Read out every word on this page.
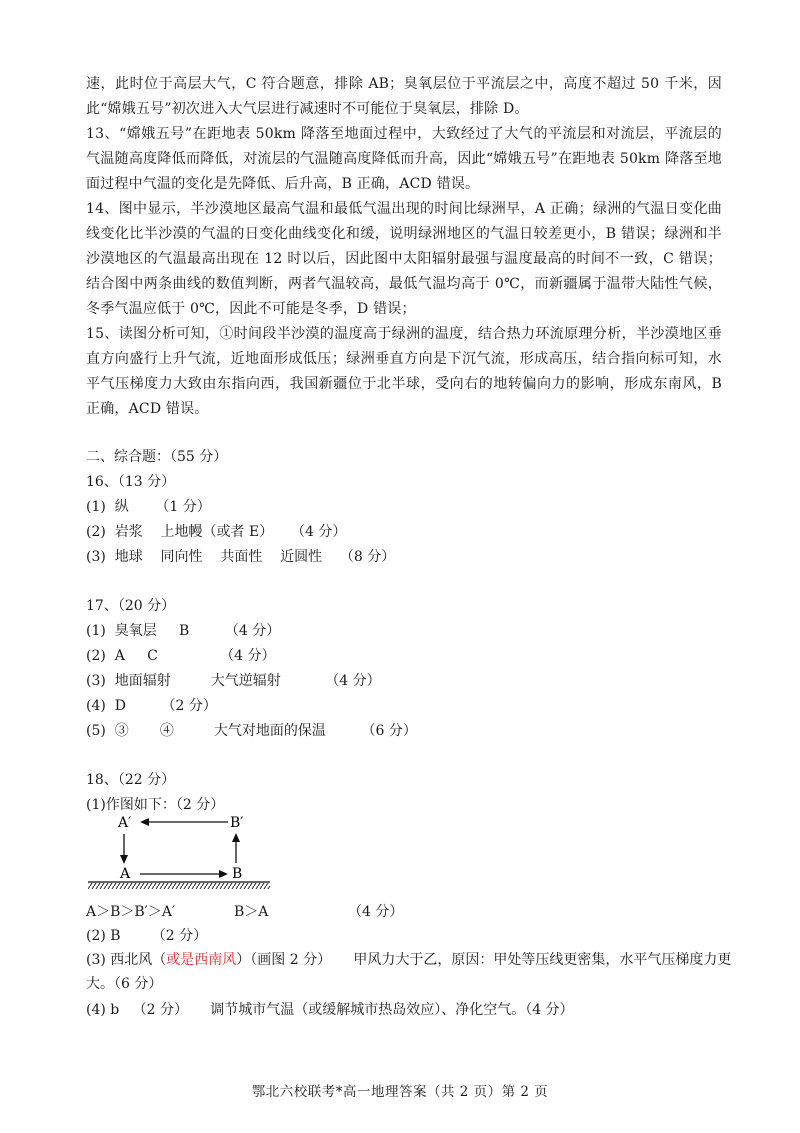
速，此时位于高层大气，C 符合题意，排除 AB；臭氧层位于平流层之中，高度不超过 50 千米，因此“嫦娥五号”初次进入大气层进行减速时不可能位于臭氧层，排除 D。
13、“嫦娥五号”在距地表 50km 降落至地面过程中，大致经过了大气的平流层和对流层，平流层的气温随高度降低而降低，对流层的气温随高度降低而升高，因此“嫦娥五号”在距地表 50km 降落至地面过程中气温的变化是先降低、后升高，B 正确，ACD 错误。
14、图中显示，半沙漠地区最高气温和最低气温出现的时间比绿洲早，A 正确；绿洲的气温日变化曲线变化比半沙漠的气温的日变化曲线变化和缓，说明绿洲地区的气温日较差更小，B 错误；绿洲和半沙漠地区的气温最高出现在 12 时以后，因此图中太阳辐射最强与温度最高的时间不一致，C 错误；结合图中两条曲线的数值判断，两者气温较高，最低气温均高于 0℃，而新疆属于温带大陆性气候，冬季气温应低于 0℃，因此不可能是冬季，D 错误；
15、读图分析可知，①时间段半沙漠的温度高于绿洲的温度，结合热力环流原理分析，半沙漠地区垂直方向盛行上升气流，近地面形成低压；绿洲垂直方向是下沉气流，形成高压，结合指向标可知，水平气压梯度力大致由东指向西，我国新疆位于北半球，受向右的地转偏向力的影响，形成东南风，B 正确，ACD 错误。
二、综合题：（55 分）
16、（13 分）
(1)  纵      （1 分）
(2)  岩浆    上地幔（或者 E）    （4 分）
(3)  地球    同向性    共面性    近圆性    （8 分）
17、（20 分）
(1)  臭氧层     B        （4 分）
(2)  A     C              （4 分）
(3)  地面辐射         大气逆辐射          （4 分）
(4)  D        （2 分）
(5)  ③       ④         大气对地面的保温        （6 分）
18、（22 分）
(1)作图如下：（2 分）
A′	B′
A	B
A＞B＞B′＞A′	B＞A	（4 分）
(2) B       （2 分）
(3) 西北风（或是西南风）（画图 2 分）     甲风力大于乙，原因：甲处等压线更密集，水平气压梯度力更
大。（6 分）
(4) b   （2 分）     调节城市气温（或缓解城市热岛效应）、净化空气。（4 分）
鄂北六校联考*高一地理答案（共 2 页）第 2 页
